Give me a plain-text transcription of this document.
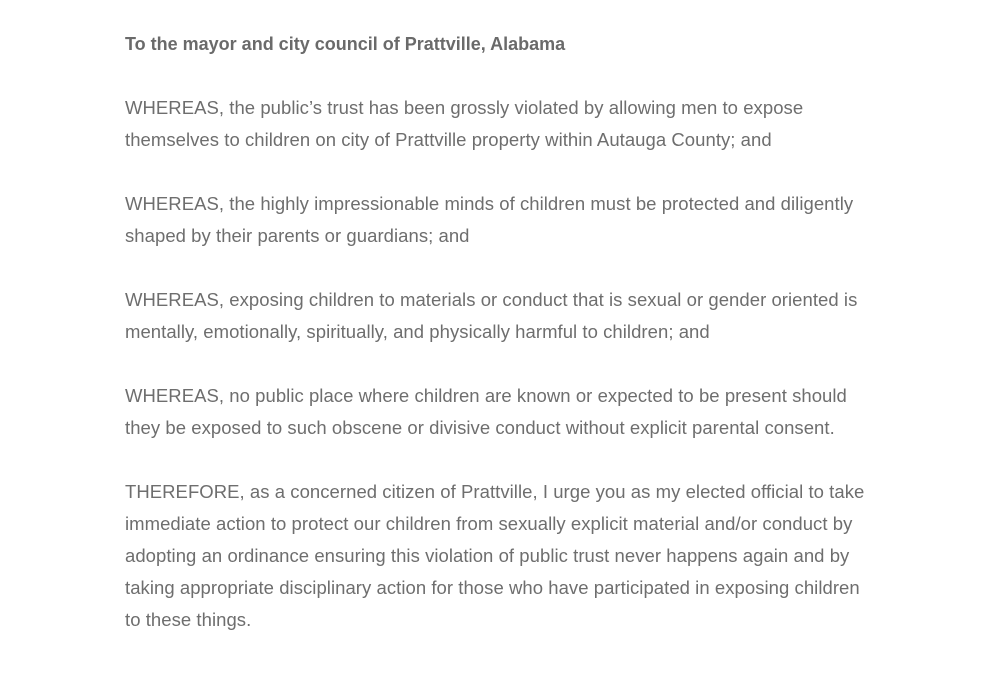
To the mayor and city council of Prattville, Alabama

WHEREAS, the public’s trust has been grossly violated by allowing men to expose themselves to children on city of Prattville property within Autauga County; and

WHEREAS, the highly impressionable minds of children must be protected and diligently shaped by their parents or guardians; and

WHEREAS, exposing children to materials or conduct that is sexual or gender oriented is mentally, emotionally, spiritually, and physically harmful to children; and

WHEREAS, no public place where children are known or expected to be present should they be exposed to such obscene or divisive conduct without explicit parental consent.

THEREFORE, as a concerned citizen of Prattville, I urge you as my elected official to take immediate action to protect our children from sexually explicit material and/or conduct by adopting an ordinance ensuring this violation of public trust never happens again and by taking appropriate disciplinary action for those who have participated in exposing children to these things.
